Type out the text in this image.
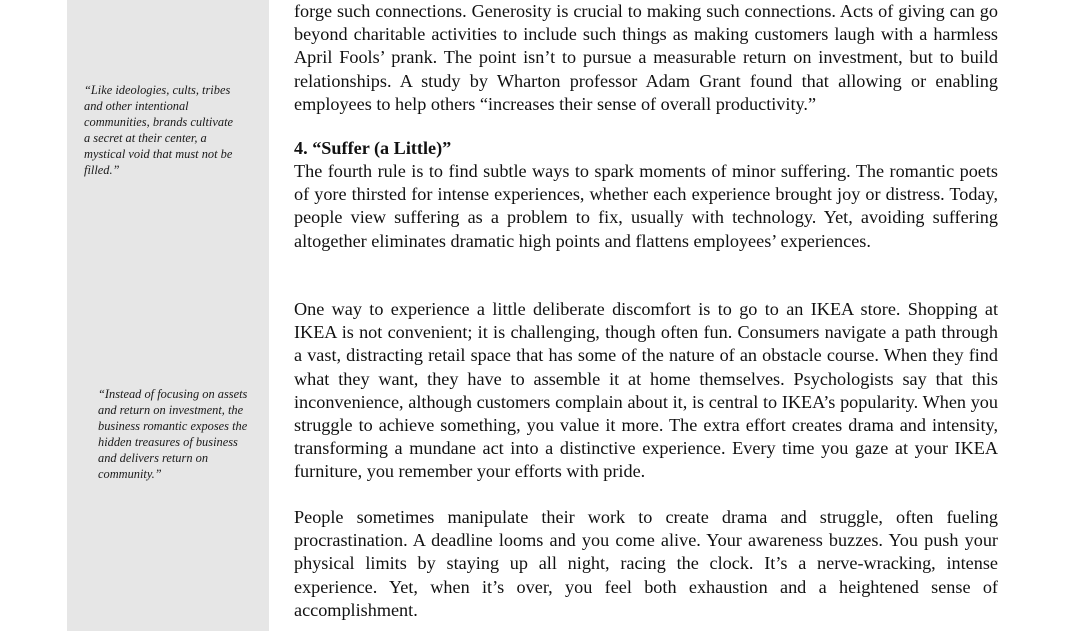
“Like ideologies, cults, tribes and other intentional communities, brands cultivate a secret at their center, a mystical void that must not be filled.”
“Instead of focusing on assets and return on investment, the business romantic exposes the hidden treasures of business and delivers return on community.”

forge such connections. Generosity is crucial to making such connections. Acts of giving can go beyond charitable activities to include such things as making customers laugh with a harmless April Fools’ prank. The point isn’t to pursue a measurable return on investment, but to build relationships. A study by Wharton professor Adam Grant found that allowing or enabling employees to help others “increases their sense of overall productivity.”

4. “Suffer (a Little)”

The fourth rule is to find subtle ways to spark moments of minor suffering. The romantic poets of yore thirsted for intense experiences, whether each experience brought joy or distress. Today, people view suffering as a problem to fix, usually with technology. Yet, avoiding suffering altogether eliminates dramatic high points and flattens employees’ experiences.

One way to experience a little deliberate discomfort is to go to an IKEA store. Shopping at IKEA is not convenient; it is challenging, though often fun. Consumers navigate a path through a vast, distracting retail space that has some of the nature of an obstacle course. When they find what they want, they have to assemble it at home themselves. Psychologists say that this inconvenience, although customers complain about it, is central to IKEA’s popularity. When you struggle to achieve something, you value it more. The extra effort creates drama and intensity, transforming a mundane act into a distinctive experience. Every time you gaze at your IKEA furniture, you remember your efforts with pride.

People sometimes manipulate their work to create drama and struggle, often fueling procrastination. A deadline looms and you come alive. Your awareness buzzes. You push your physical limits by staying up all night, racing the clock. It’s a nerve-wracking, intense experience. Yet, when it’s over, you feel both exhaustion and a heightened sense of accomplishment.
